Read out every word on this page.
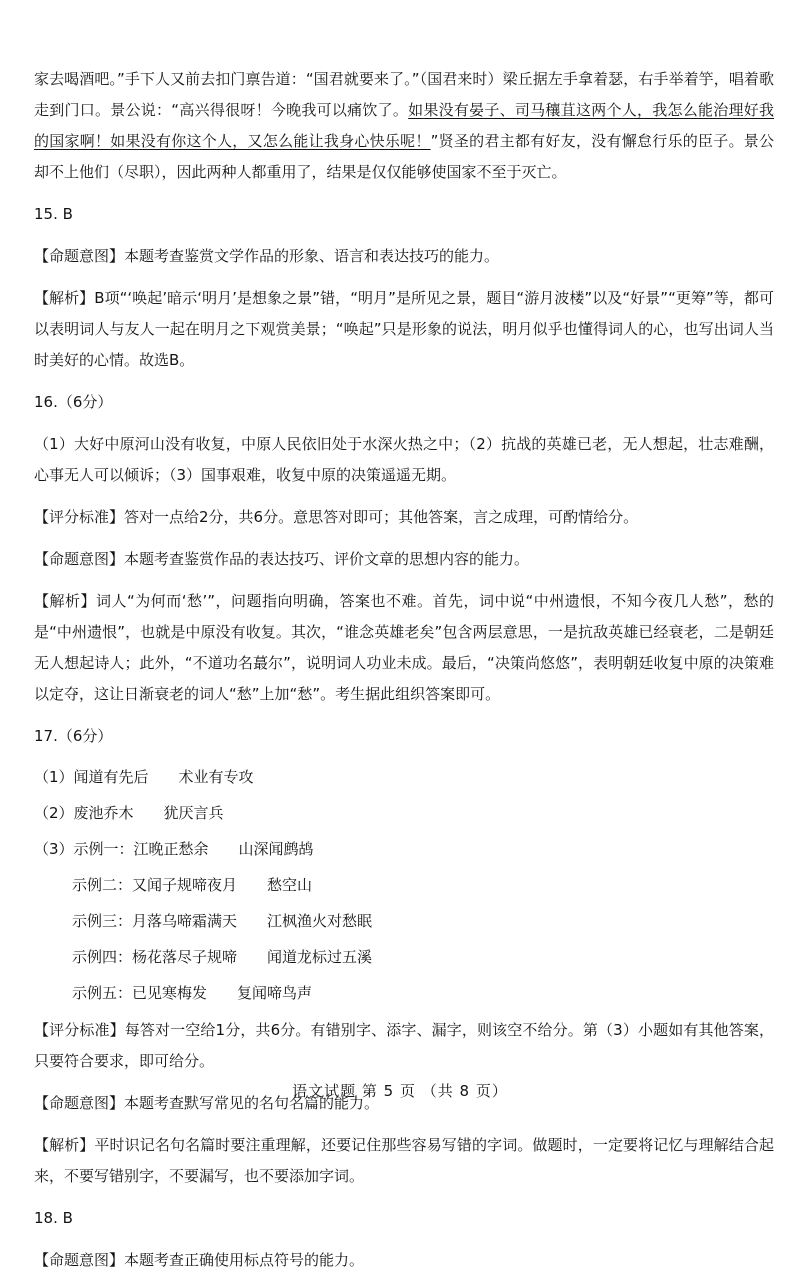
家去喝酒吧。”手下人又前去扣门禀告道：“国君就要来了。”（国君来时）梁丘据左手拿着瑟，右手举着竽，唱着歌走到门口。景公说：“高兴得很呀！今晚我可以痛饮了。如果没有晏子、司马穰苴这两个人，我怎么能治理好我的国家啊！如果没有你这个人，又怎么能让我身心快乐呢！”贤圣的君主都有好友，没有懈怠行乐的臣子。景公却不上他们（尽职），因此两种人都重用了，结果是仅仅能够使国家不至于灭亡。

15. B

【命题意图】本题考查鉴赏文学作品的形象、语言和表达技巧的能力。

【解析】B项“‘唤起’暗示‘明月’是想象之景”错，“明月”是所见之景，题目“游月波楼”以及“好景”“更筹”等，都可以表明词人与友人一起在明月之下观赏美景；“唤起”只是形象的说法，明月似乎也懂得词人的心，也写出词人当时美好的心情。故选B。

16.（6分）

（1）大好中原河山没有收复，中原人民依旧处于水深火热之中；（2）抗战的英雄已老，无人想起，壮志难酬，心事无人可以倾诉；（3）国事艰难，收复中原的决策遥遥无期。

【评分标准】答对一点给2分，共6分。意思答对即可；其他答案，言之成理，可酌情给分。

【命题意图】本题考查鉴赏作品的表达技巧、评价文章的思想内容的能力。

【解析】词人“为何而‘愁’”，问题指向明确，答案也不难。首先，词中说“中州遗恨，不知今夜几人愁”，愁的是“中州遗恨”，也就是中原没有收复。其次，“谁念英雄老矣”包含两层意思，一是抗敌英雄已经衰老，二是朝廷无人想起诗人；此外，“不道功名蕞尔”，说明词人功业未成。最后，“决策尚悠悠”，表明朝廷收复中原的决策难以定夺，这让日渐衰老的词人“愁”上加“愁”。考生据此组织答案即可。

17.（6分）

（1）闻道有先后 术业有专攻

（2）废池乔木 犹厌言兵

（3）示例一：江晚正愁余 山深闻鹧鸪

示例二：又闻子规啼夜月 愁空山

示例三：月落乌啼霜满天 江枫渔火对愁眠

示例四：杨花落尽子规啼 闻道龙标过五溪

示例五：已见寒梅发 复闻啼鸟声

【评分标准】每答对一空给1分，共6分。有错别字、添字、漏字，则该空不给分。第（3）小题如有其他答案，只要符合要求，即可给分。

【命题意图】本题考查默写常见的名句名篇的能力。

【解析】平时识记名句名篇时要注重理解，还要记住那些容易写错的字词。做题时，一定要将记忆与理解结合起来，不要写错别字，不要漏写，也不要添加字词。

18. B

【命题意图】本题考查正确使用标点符号的能力。

语文试题 第 5 页 （共 8 页）
